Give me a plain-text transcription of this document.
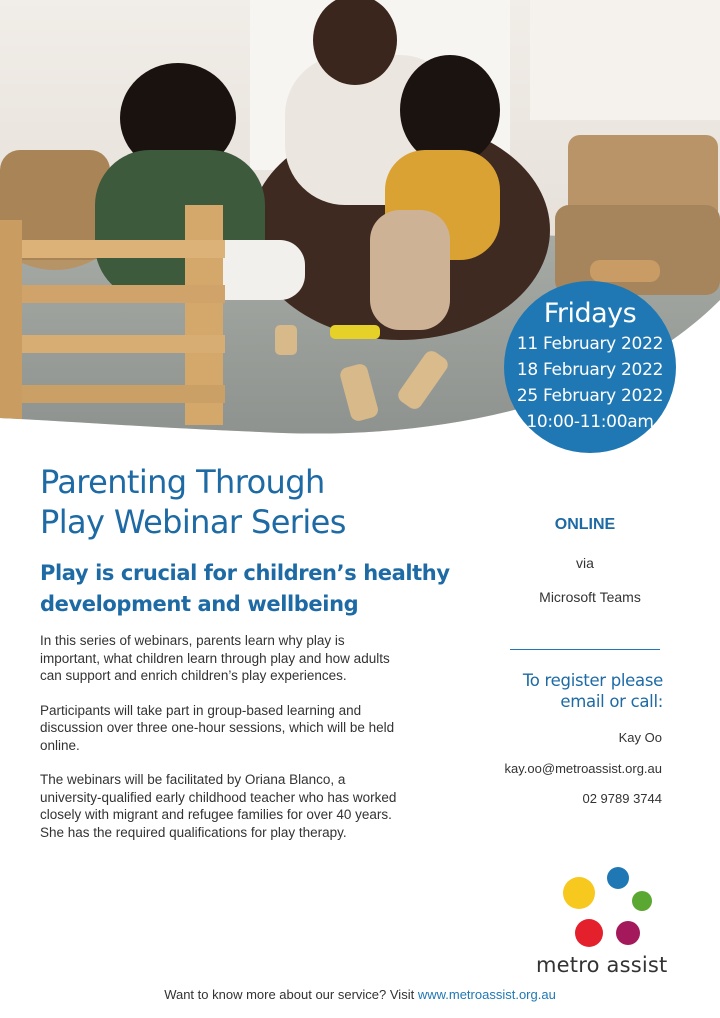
Fridays
11 February 2022
18 February 2022
25 February 2022
10:00-11:00am
Parenting Through
Play Webinar Series
Play is crucial for children’s healthy
development and wellbeing

In this series of webinars, parents learn why play is important, what children learn through play and how adults can support and enrich children’s play experiences.

Participants will take part in group-based learning and discussion over three one-hour sessions, which will be held online.

The webinars will be facilitated by Oriana Blanco, a university-qualified early childhood teacher who has worked closely with migrant and refugee families for over 40 years. She has the required qualifications for play therapy.

ONLINE
via
Microsoft Teams
To register please
email or call:
Kay Oo
kay.oo@metroassist.org.au
02 9789 3744
metro assist
Want to know more about our service? Visit www.metroassist.org.au
